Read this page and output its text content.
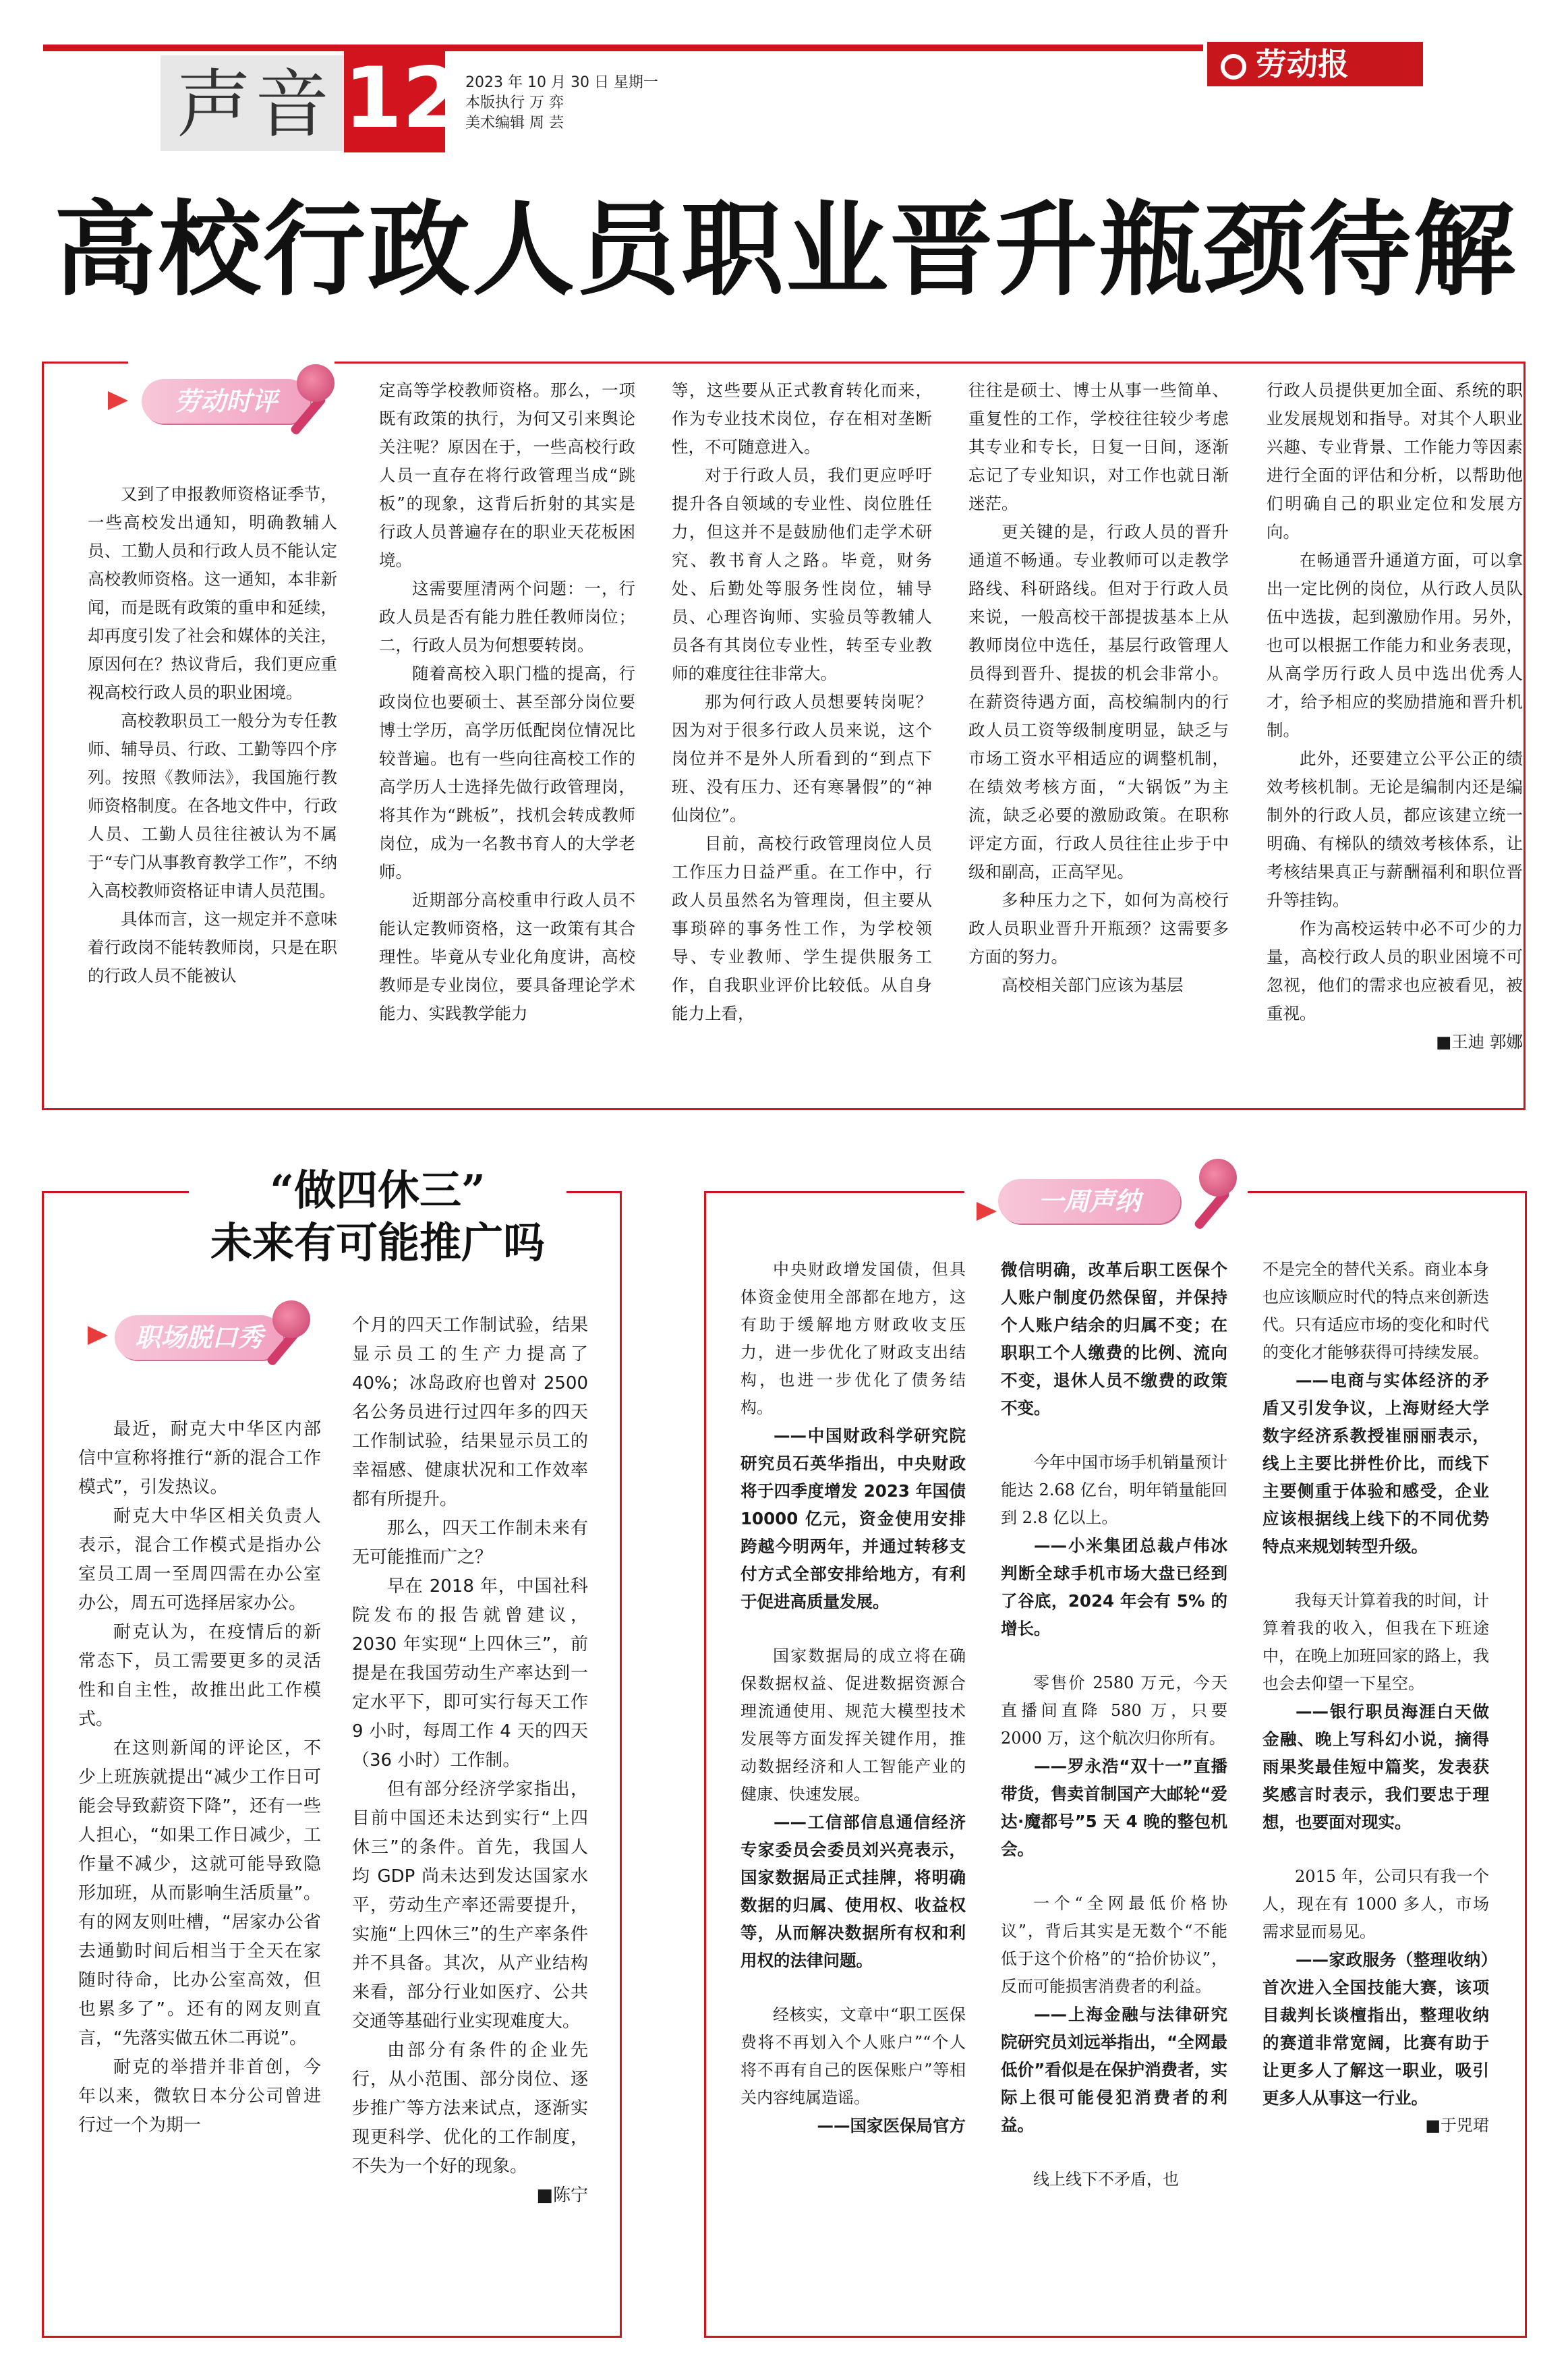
声音 12 2023 年 10 月 30 日 星期一
本版执行 万 弈
美术编辑 周 芸
劳动报
高校行政人员职业晋升瓶颈待解
劳动时评

又到了申报教师资格证季节，一些高校发出通知，明确教辅人员、工勤人员和行政人员不能认定高校教师资格。这一通知，本非新闻，而是既有政策的重申和延续，却再度引发了社会和媒体的关注，原因何在？热议背后，我们更应重视高校行政人员的职业困境。

高校教职员工一般分为专任教师、辅导员、行政、工勤等四个序列。按照《教师法》，我国施行教师资格制度。在各地文件中，行政人员、工勤人员往往被认为不属于“专门从事教育教学工作”，不纳入高校教师资格证申请人员范围。

具体而言，这一规定并不意味着行政岗不能转教师岗，只是在职的行政人员不能被认

定高等学校教师资格。那么，一项既有政策的执行，为何又引来舆论关注呢？原因在于，一些高校行政人员一直存在将行政管理当成“跳板”的现象，这背后折射的其实是行政人员普遍存在的职业天花板困境。

这需要厘清两个问题：一，行政人员是否有能力胜任教师岗位；二，行政人员为何想要转岗。

随着高校入职门槛的提高，行政岗位也要硕士、甚至部分岗位要博士学历，高学历低配岗位情况比较普遍。也有一些向往高校工作的高学历人士选择先做行政管理岗，将其作为“跳板”，找机会转成教师岗位，成为一名教书育人的大学老师。

近期部分高校重申行政人员不能认定教师资格，这一政策有其合理性。毕竟从专业化角度讲，高校教师是专业岗位，要具备理论学术能力、实践教学能力

等，这些要从正式教育转化而来，作为专业技术岗位，存在相对垄断性，不可随意进入。

对于行政人员，我们更应呼吁提升各自领域的专业性、岗位胜任力，但这并不是鼓励他们走学术研究、教书育人之路。毕竟，财务处、后勤处等服务性岗位，辅导员、心理咨询师、实验员等教辅人员各有其岗位专业性，转至专业教师的难度往往非常大。

那为何行政人员想要转岗呢？因为对于很多行政人员来说，这个岗位并不是外人所看到的“到点下班、没有压力、还有寒暑假”的“神仙岗位”。

目前，高校行政管理岗位人员工作压力日益严重。在工作中，行政人员虽然名为管理岗，但主要从事琐碎的事务性工作，为学校领导、专业教师、学生提供服务工作，自我职业评价比较低。从自身能力上看，

往往是硕士、博士从事一些简单、重复性的工作，学校往往较少考虑其专业和专长，日复一日间，逐渐忘记了专业知识，对工作也就日渐迷茫。

更关键的是，行政人员的晋升通道不畅通。专业教师可以走教学路线、科研路线。但对于行政人员来说，一般高校干部提拔基本上从教师岗位中选任，基层行政管理人员得到晋升、提拔的机会非常小。在薪资待遇方面，高校编制内的行政人员工资等级制度明显，缺乏与市场工资水平相适应的调整机制，在绩效考核方面，“大锅饭”为主流，缺乏必要的激励政策。在职称评定方面，行政人员往往止步于中级和副高，正高罕见。

多种压力之下，如何为高校行政人员职业晋升开瓶颈？这需要多方面的努力。

高校相关部门应该为基层

行政人员提供更加全面、系统的职业发展规划和指导。对其个人职业兴趣、专业背景、工作能力等因素进行全面的评估和分析，以帮助他们明确自己的职业定位和发展方向。

在畅通晋升通道方面，可以拿出一定比例的岗位，从行政人员队伍中选拔，起到激励作用。另外，也可以根据工作能力和业务表现，从高学历行政人员中选出优秀人才，给予相应的奖励措施和晋升机制。

此外，还要建立公平公正的绩效考核机制。无论是编制内还是编制外的行政人员，都应该建立统一明确、有梯队的绩效考核体系，让考核结果真正与薪酬福利和职位晋升等挂钩。

作为高校运转中必不可少的力量，高校行政人员的职业困境不可忽视，他们的需求也应被看见，被重视。

■王迪 郭娜

“做四休三”
未来有可能推广吗
职场脱口秀

最近，耐克大中华区内部信中宣称将推行“新的混合工作模式”，引发热议。

耐克大中华区相关负责人表示，混合工作模式是指办公室员工周一至周四需在办公室办公，周五可选择居家办公。

耐克认为，在疫情后的新常态下，员工需要更多的灵活性和自主性，故推出此工作模式。

在这则新闻的评论区，不少上班族就提出“减少工作日可能会导致薪资下降”，还有一些人担心，“如果工作日减少，工作量不减少，这就可能导致隐形加班，从而影响生活质量”。有的网友则吐槽，“居家办公省去通勤时间后相当于全天在家随时待命，比办公室高效，但也累多了”。还有的网友则直言，“先落实做五休二再说”。

耐克的举措并非首创，今年以来，微软日本分公司曾进行过一个为期一

个月的四天工作制试验，结果显示员工的生产力提高了 40%；冰岛政府也曾对 2500 名公务员进行过四年多的四天工作制试验，结果显示员工的幸福感、健康状况和工作效率都有所提升。

那么，四天工作制未来有无可能推而广之？

早在 2018 年，中国社科院发布的报告就曾建议，2030 年实现“上四休三”，前提是在我国劳动生产率达到一定水平下，即可实行每天工作 9 小时，每周工作 4 天的四天（36 小时）工作制。

但有部分经济学家指出，目前中国还未达到实行“上四休三”的条件。首先，我国人均 GDP 尚未达到发达国家水平，劳动生产率还需要提升，实施“上四休三”的生产率条件并不具备。其次，从产业结构来看，部分行业如医疗、公共交通等基础行业实现难度大。

由部分有条件的企业先行，从小范围、部分岗位、逐步推广等方法来试点，逐渐实现更科学、优化的工作制度，不失为一个好的现象。

■陈宁

一周声纳

中央财政增发国债，但具体资金使用全部都在地方，这有助于缓解地方财政收支压力，进一步优化了财政支出结构，也进一步优化了债务结构。

——中国财政科学研究院研究员石英华指出，中央财政将于四季度增发 2023 年国债 10000 亿元，资金使用安排跨越今明两年，并通过转移支付方式全部安排给地方，有利于促进高质量发展。

国家数据局的成立将在确保数据权益、促进数据资源合理流通使用、规范大模型技术发展等方面发挥关键作用，推动数据经济和人工智能产业的健康、快速发展。

——工信部信息通信经济专家委员会委员刘兴亮表示，国家数据局正式挂牌，将明确数据的归属、使用权、收益权等，从而解决数据所有权和利用权的法律问题。

经核实，文章中“职工医保费将不再划入个人账户”“个人将不再有自己的医保账户”等相关内容纯属造谣。

——国家医保局官方

微信明确，改革后职工医保个人账户制度仍然保留，并保持个人账户结余的归属不变；在职职工个人缴费的比例、流向不变，退休人员不缴费的政策不变。

今年中国市场手机销量预计能达 2.68 亿台，明年销量能回到 2.8 亿以上。

——小米集团总裁卢伟冰判断全球手机市场大盘已经到了谷底，2024 年会有 5% 的增长。

零售价 2580 万元，今天直播间直降 580 万，只要 2000 万，这个航次归你所有。

——罗永浩“双十一”直播带货，售卖首制国产大邮轮“爱达·魔都号”5 天 4 晚的整包机会。

一个“全网最低价格协议”，背后其实是无数个“不能低于这个价格”的“拾价协议”，反而可能损害消费者的利益。

——上海金融与法律研究院研究员刘远举指出，“全网最低价”看似是在保护消费者，实际上很可能侵犯消费者的利益。

线上线下不矛盾，也

不是完全的替代关系。商业本身也应该顺应时代的特点来创新迭代。只有适应市场的变化和时代的变化才能够获得可持续发展。

——电商与实体经济的矛盾又引发争议，上海财经大学数字经济系教授崔丽丽表示，线上主要比拼性价比，而线下主要侧重于体验和感受，企业应该根据线上线下的不同优势特点来规划转型升级。

我每天计算着我的时间，计算着我的收入，但我在下班途中，在晚上加班回家的路上，我也会去仰望一下星空。

——银行职员海涯白天做金融、晚上写科幻小说，摘得雨果奖最佳短中篇奖，发表获奖感言时表示，我们要忠于理想，也要面对现实。

2015 年，公司只有我一个人，现在有 1000 多人，市场需求显而易见。

——家政服务（整理收纳）首次进入全国技能大赛，该项目裁判长谈檀指出，整理收纳的赛道非常宽阔，比赛有助于让更多人了解这一职业，吸引更多人从事这一行业。

■于兕珺
